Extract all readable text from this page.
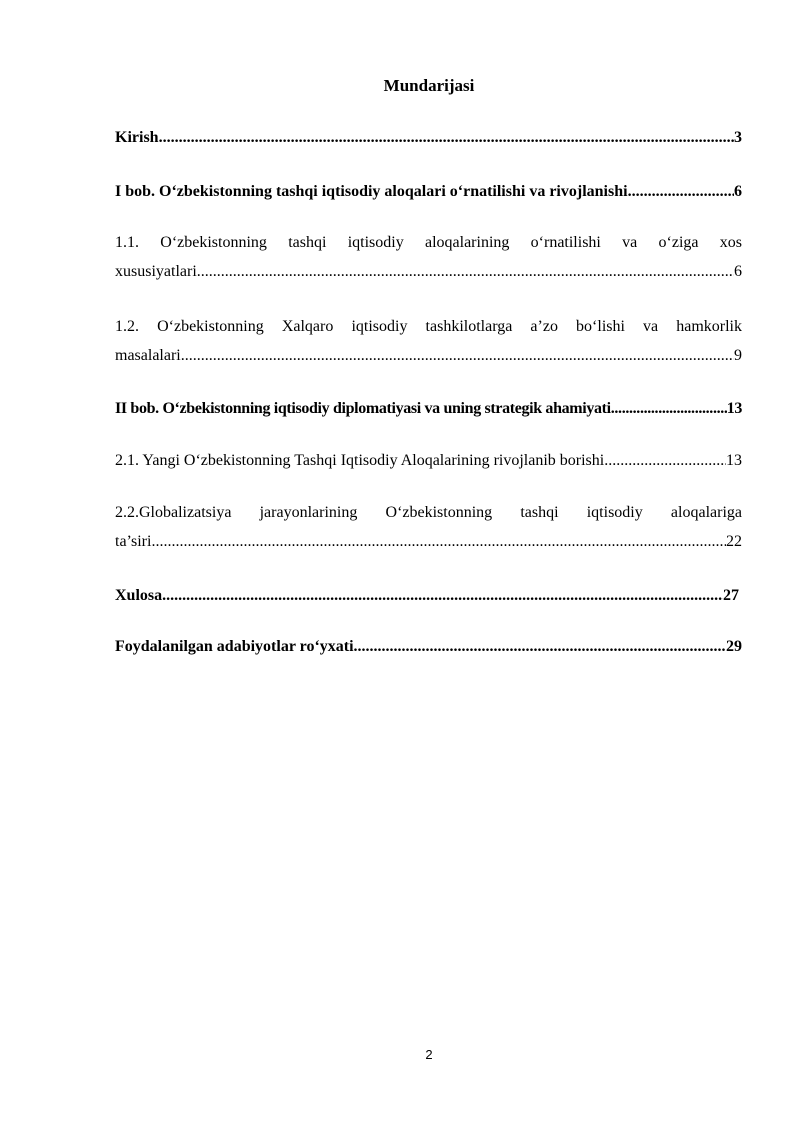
Mundarijasi
Kirish .....	3
I bob. O‘zbekistonning tashqi iqtisodiy aloqalari o‘rnatilishi va rivojlanishi .....	6
1.1. O‘zbekistonning tashqi iqtisodiy aloqalarining o‘rnatilishi va o‘ziga xos
xususiyatlari .....	6
1.2. O‘zbekistonning Xalqaro iqtisodiy tashkilotlarga a’zo bo‘lishi va hamkorlik
masalalari .....	9
II bob. O‘zbekistonning iqtisodiy diplomatiyasi va uning strategik ahamiyati. .....	13
2.1. Yangi O‘zbekistonning Tashqi Iqtisodiy Aloqalarining rivojlanib borishi .....	13
2.2.Globalizatsiya jarayonlarining O‘zbekistonning tashqi iqtisodiy aloqalariga
ta’siri .....	22
Xulosa .....	27
Foydalanilgan adabiyotlar ro‘yxati .....	29
2
